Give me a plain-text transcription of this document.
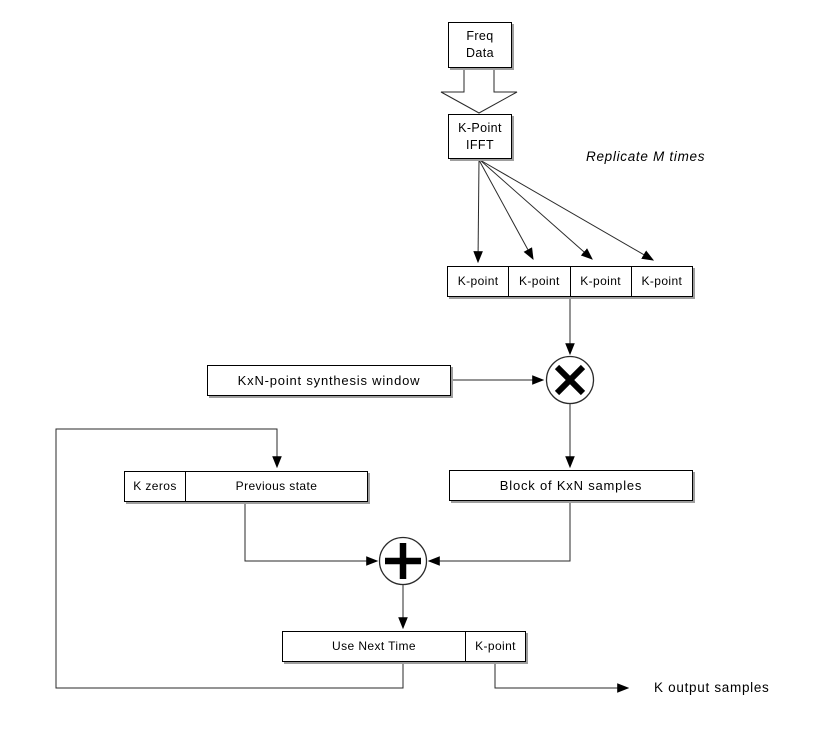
Freq
Data
K-Point
IFFT
Replicate M times
K-point	K-point	K-point	K-point
KxN-point synthesis window
Block of KxN samples
K zeros	Previous state
Use Next Time	K-point
K output samples
